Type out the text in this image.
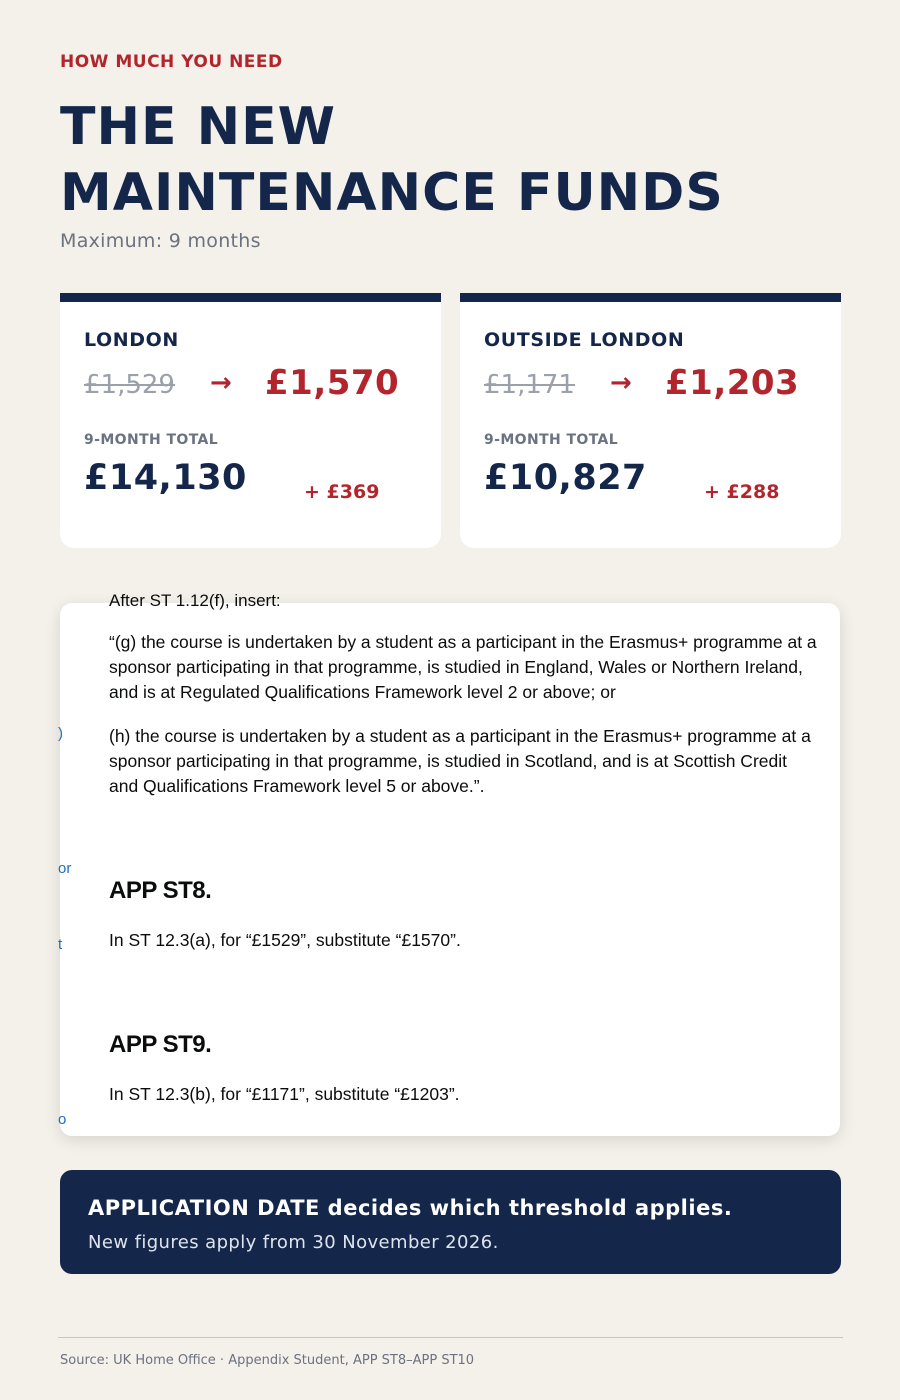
HOW MUCH YOU NEED
THE NEW
MAINTENANCE FUNDS
Maximum: 9 months
LONDON
£1,529 → £1,570
9-MONTH TOTAL
£14,130	+ £369
OUTSIDE LONDON
£1,171 → £1,203
9-MONTH TOTAL
£10,827	+ £288
After ST 1.12(f), insert:

“(g) the course is undertaken by a student as a participant in the Erasmus+ programme at a sponsor participating in that programme, is studied in England, Wales or Northern Ireland, and is at Regulated Qualifications Framework level 2 or above; or

(h) the course is undertaken by a student as a participant in the Erasmus+ programme at a sponsor participating in that programme, is studied in Scotland, and is at Scottish Credit and Qualifications Framework level 5 or above.”.

APP ST8.

In ST 12.3(a), for “£1529”, substitute “£1570”.

APP ST9.

In ST 12.3(b), for “£1171”, substitute “£1203”.

)
or
t
o
APPLICATION DATE decides which threshold applies.
New figures apply from 30 November 2026.
Source: UK Home Office · Appendix Student, APP ST8–APP ST10
